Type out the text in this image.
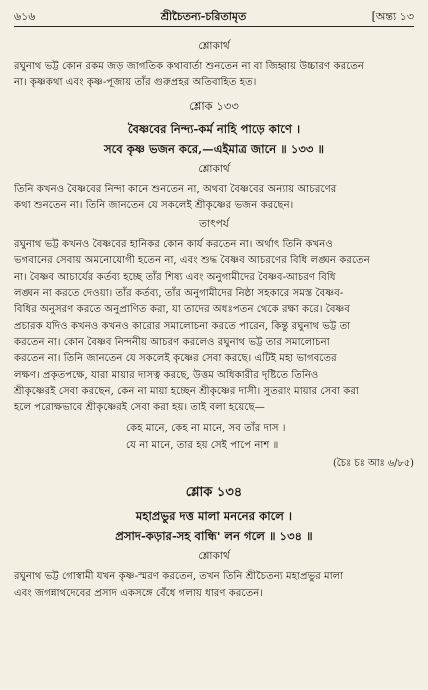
৬১৬	শ্রীচৈতন্য-চরিতামৃত	[অন্ত্য ১৩
শ্লোকার্থ

রঘুনাথ ভট্ট কোন রকম জড় জাগতিক কথাবার্তা শুনতেন না বা জিহ্বায় উচ্চারণ করতেন

না। কৃষ্ণকথা এবং কৃষ্ণ-পূজায় তাঁর গুরুপ্রহর অতিবাহিত হত।

শ্লোক ১৩৩

বৈষ্ণবের নিন্দ্য-কর্ম নাহি পাড়ে কাণে ।

সবে কৃষ্ণ ভজন করে,—এইমাত্র জানে ॥ ১৩৩ ॥

শ্লোকার্থ

তিনি কখনও বৈষ্ণবের নিন্দা কানে শুনতেন না, অথবা বৈষ্ণবের অন্যায় আচরণের

কথা শুনতেন না। তিনি জানতেন যে সকলেই শ্রীকৃষ্ণের ভজন করছেন।

তাৎপর্য

রঘুনাথ ভট্ট কখনও বৈষ্ণবের হানিকর কোন কার্য করতেন না। অর্থাৎ তিনি কখনও

ভগবানের সেবায় অমনোযোগী হতেন না, এবং শুদ্ধ বৈষ্ণব আচরণের বিধি লঙ্ঘন করতেন

না। বৈষ্ণব আচার্যের কর্তব্য হচ্ছে তাঁর শিষ্য এবং অনুগামীদের বৈষ্ণব-আচরণ বিধি

লঙ্ঘন না করতে দেওয়া। তাঁর কর্তব্য, তাঁর অনুগামীদের নিষ্ঠা সহকারে সমস্ত বৈষ্ণব-

বিধির অনুসরণ করতে অনুপ্রাণিত করা, যা তাদের অধঃপতন থেকে রক্ষা করে। বৈষ্ণব

প্রচারক যদিও কখনও কখনও কারোর সমালোচনা করতে পারেন, কিন্তু রঘুনাথ ভট্ট তা

করতেন না। কোন বৈষ্ণব নিন্দনীয় আচরণ করলেও রঘুনাথ ভট্ট তার সমালোচনা

করতেন না। তিনি জানতেন যে সকলেই কৃষ্ণের সেবা করছে। এটিই মহা ভাগবতের

লক্ষণ। প্রকৃতপক্ষে, যারা মায়ার দাসত্ব করছে, উত্তম অধিকারীর দৃষ্টিতে তিনিও

শ্রীকৃষ্ণেরই সেবা করছেন, কেন না মায়া হচ্ছেন শ্রীকৃষ্ণের দাসী। সুতরাং মায়ার সেবা করা

হলে পরোক্ষভাবে শ্রীকৃষ্ণেরই সেবা করা হয়। তাই বলা হয়েছে—

কেহ মানে, কেহ না মানে, সব তাঁর দাস ।

যে না মানে, তার হয় সেই পাপে নাশ ॥

(চৈঃ চঃ আঃ ৬/৮৫)

শ্লোক ১৩৪

মহাপ্রভুর দত্ত মালা মননের কালে ।

প্রসাদ-কড়ার-সহ বান্ধি' লন গলে ॥ ১৩৪ ॥

শ্লোকার্থ

রঘুনাথ ভট্ট গোস্বামী যখন কৃষ্ণ-স্মরণ করতেন, তখন তিনি শ্রীচৈতন্য মহাপ্রভুর মালা

এবং জগন্নাথদেবের প্রসাদ একসঙ্গে বেঁধে গলায় ধারণ করতেন।
